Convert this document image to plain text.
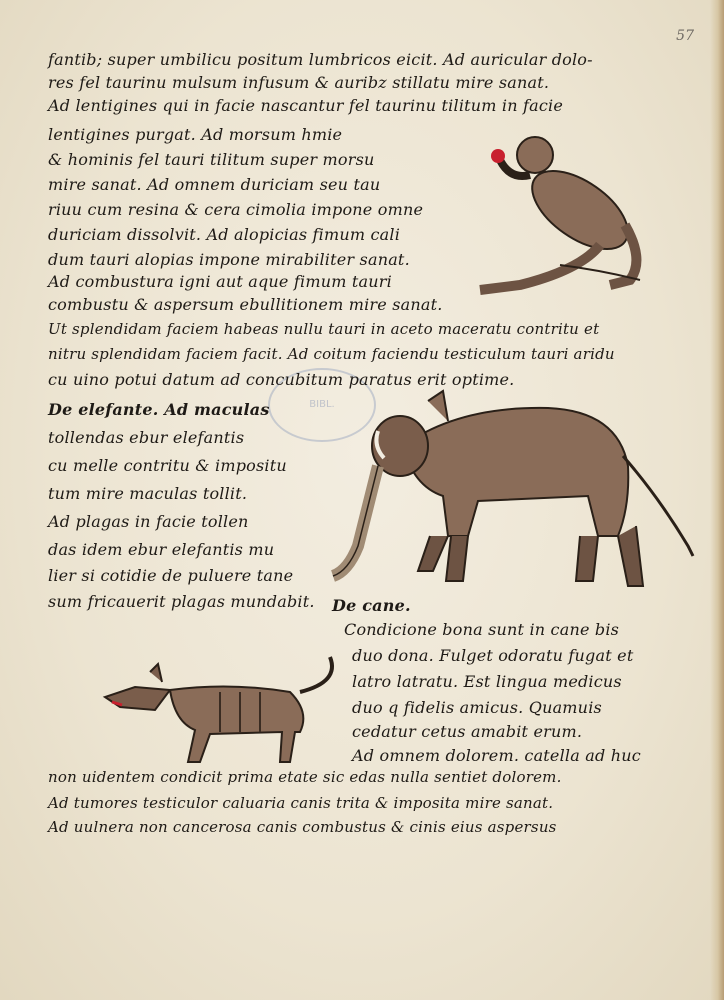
57
BIBL.
fantib; super umbilicu positum lumbricos eicit. Ad auricular dolo-
res fel taurinu mulsum infusum & auribz stillatu mire sanat.
Ad lentigines qui in facie nascantur fel taurinu tilitum in facie
lentigines purgat. Ad morsum hmie
& hominis fel tauri tilitum super morsu
mire sanat. Ad omnem duriciam seu tau
riuu cum resina & cera cimolia impone omne
duriciam dissolvit. Ad alopicias fimum cali
dum tauri alopias impone mirabiliter sanat.
Ad combustura igni aut aque fimum tauri
combustu & aspersum ebullitionem mire sanat.
Ut splendidam faciem habeas nullu tauri in aceto maceratu contritu et
nitru splendidam faciem facit. Ad coitum faciendu testiculum tauri aridu
cu uino potui datum ad concubitum paratus erit optime.
De elefante. Ad maculas
tollendas ebur elefantis
cu melle contritu & impositu
tum mire maculas tollit.
Ad plagas in facie tollen
das idem ebur elefantis mu
lier si cotidie de puluere tane
sum fricauerit plagas mundabit. De cane.
Condicione bona sunt in cane bis
duo dona. Fulget odoratu fugat et
latro latratu. Est lingua medicus
duo q fidelis amicus. Quamuis
cedatur cetus amabit erum.
Ad omnem dolorem. catella ad huc
non uidentem condicit prima etate sic edas nulla sentiet dolorem.
Ad tumores testiculor caluaria canis trita & imposita mire sanat.
Ad uulnera non cancerosa canis combustus & cinis eius aspersus
